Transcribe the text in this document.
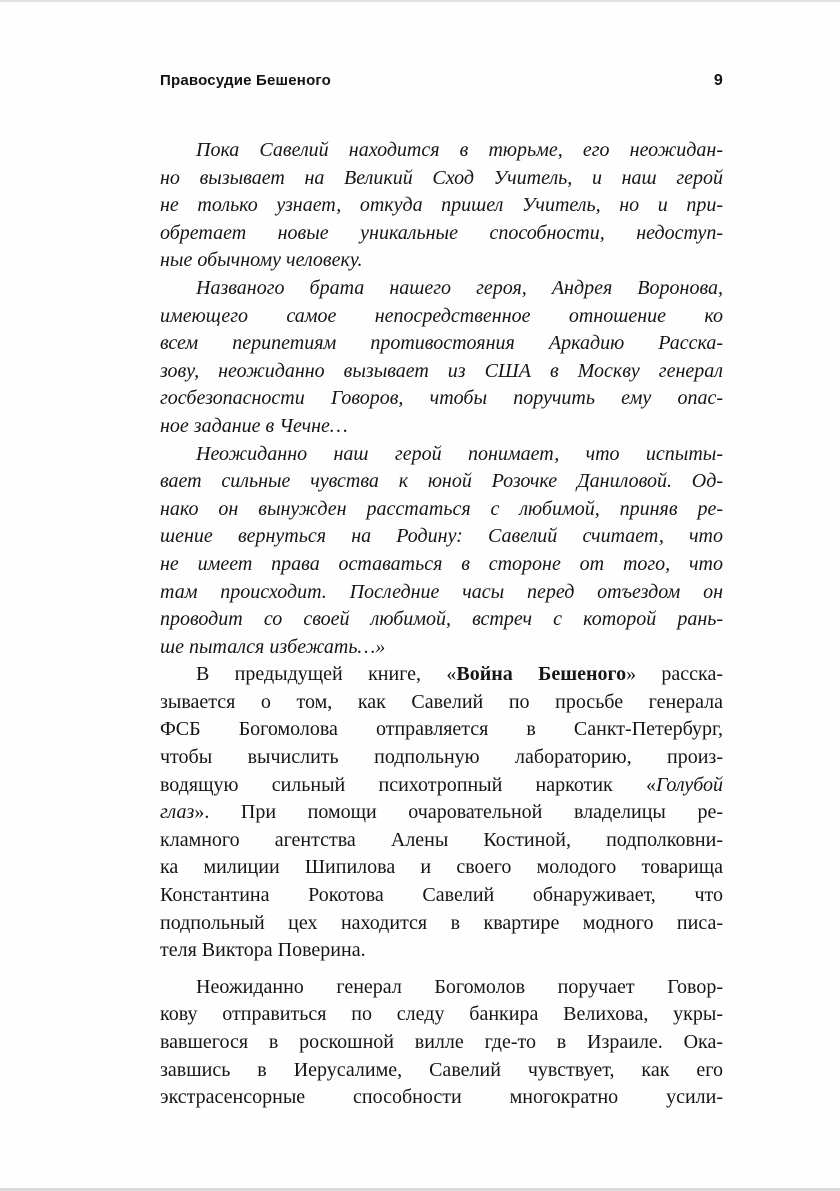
Правосудие Бешеного	9
Пока Савелий находится в тюрьме, его неожидан-
но вызывает на Великий Сход Учитель, и наш герой
не только узнает, откуда пришел Учитель, но и при-
обретает новые уникальные способности, недоступ-
ные обычному человеку.
Названого брата нашего героя, Андрея Воронова,
имеющего самое непосредственное отношение ко
всем перипетиям противостояния Аркадию Расска-
зову, неожиданно вызывает из США в Москву генерал
госбезопасности Говоров, чтобы поручить ему опас-
ное задание в Чечне…
Неожиданно наш герой понимает, что испыты-
вает сильные чувства к юной Розочке Даниловой. Од-
нако он вынужден расстаться с любимой, приняв ре-
шение вернуться на Родину: Савелий считает, что
не имеет права оставаться в стороне от того, что
там происходит. Последние часы перед отъездом он
проводит со своей любимой, встреч с которой рань-
ше пытался избежать…»
В предыдущей книге, «Война Бешеного» расска-
зывается о том, как Савелий по просьбе генерала
ФСБ Богомолова отправляется в Санкт-Петербург,
чтобы вычислить подпольную лабораторию, произ-
водящую сильный психотропный наркотик «Голубой
глаз». При помощи очаровательной владелицы ре-
кламного агентства Алены Костиной, подполковни-
ка милиции Шипилова и своего молодого товарища
Константина Рокотова Савелий обнаруживает, что
подпольный цех находится в квартире модного писа-
теля Виктора Поверина.
Неожиданно генерал Богомолов поручает Говор-
кову отправиться по следу банкира Велихова, укры-
вавшегося в роскошной вилле где-то в Израиле. Ока-
завшись в Иерусалиме, Савелий чувствует, как его
экстрасенсорные способности многократно усили-
